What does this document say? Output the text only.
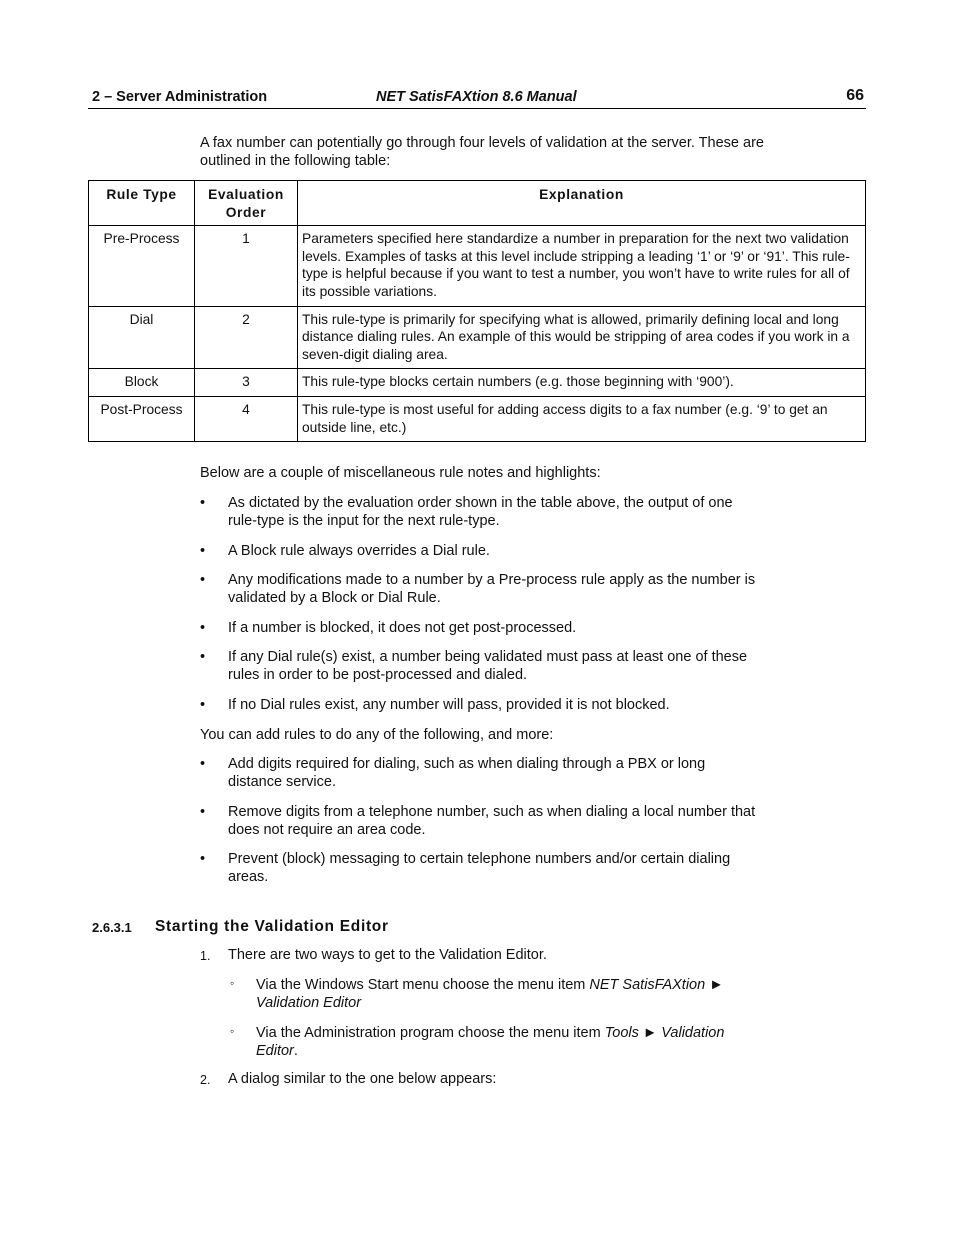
2 – Server Administration	NET SatisFAXtion 8.6 Manual	66
A fax number can potentially go through four levels of validation at the server. These are outlined in the following table:
Rule Type	Evaluation Order	Explanation
Pre-Process	1	Parameters specified here standardize a number in preparation for the next two validation levels. Examples of tasks at this level include stripping a leading ‘1’ or ‘9’ or ‘91’. This rule-type is helpful because if you want to test a number, you won’t have to write rules for all of its possible variations.
Dial	2	This rule-type is primarily for specifying what is allowed, primarily defining local and long distance dialing rules. An example of this would be stripping of area codes if you work in a seven-digit dialing area.
Block	3	This rule-type blocks certain numbers (e.g. those beginning with ‘900’).
Post-Process	4	This rule-type is most useful for adding access digits to a fax number (e.g. ‘9’ to get an outside line, etc.)
Below are a couple of miscellaneous rule notes and highlights:
• As dictated by the evaluation order shown in the table above, the output of one rule-type is the input for the next rule-type.
• A Block rule always overrides a Dial rule.
• Any modifications made to a number by a Pre-process rule apply as the number is validated by a Block or Dial Rule.
• If a number is blocked, it does not get post-processed.
• If any Dial rule(s) exist, a number being validated must pass at least one of these rules in order to be post-processed and dialed.
• If no Dial rules exist, any number will pass, provided it is not blocked.
You can add rules to do any of the following, and more:
• Add digits required for dialing, such as when dialing through a PBX or long distance service.
• Remove digits from a telephone number, such as when dialing a local number that does not require an area code.
• Prevent (block) messaging to certain telephone numbers and/or certain dialing areas.
2.6.3.1 Starting the Validation Editor
1. There are two ways to get to the Validation Editor.
◦ Via the Windows Start menu choose the menu item NET SatisFAXtion ► Validation Editor
◦ Via the Administration program choose the menu item Tools ► Validation Editor.
2. A dialog similar to the one below appears:
